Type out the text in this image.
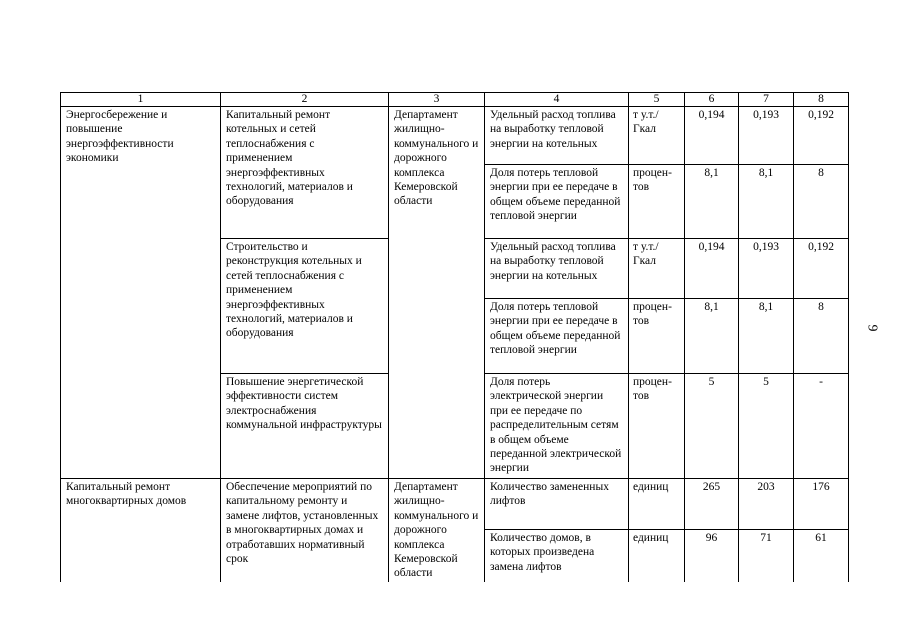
1	2	3	4	5	6	7	8
Энергосбережение и повышение энергоэффективности экономики	Капитальный ремонт котельных и сетей теплоснабжения с применением энергоэффективных технологий, материалов и оборудования	Департамент жилищно-коммунального и дорожного комплекса Кемеровской области	Удельный расход топлива на выработку тепловой энергии на котельных	т у.т./ Гкал	0,194	0,193	0,192
			Доля потерь тепловой энергии при ее передаче в общем объеме переданной тепловой энергии	процен-тов	8,1	8,1	8
	Строительство и реконструкция котельных и сетей теплоснабжения с применением энергоэффективных технологий, материалов и оборудования		Удельный расход топлива на выработку тепловой энергии на котельных	т у.т./ Гкал	0,194	0,193	0,192
			Доля потерь тепловой энергии при ее передаче в общем объеме переданной тепловой энергии	процен-тов	8,1	8,1	8
	Повышение энергетической эффективности систем электроснабжения коммунальной инфраструктуры		Доля потерь электрической энергии при ее передаче по распределительным сетям в общем объеме переданной электрической энергии	процен-тов	5	5	-
Капитальный ремонт многоквартирных домов	Обеспечение мероприятий по капитальному ремонту и замене лифтов, установленных в многоквартирных домах и отработавших нормативный срок	Департамент жилищно-коммунального и дорожного комплекса Кемеровской области	Количество замененных лифтов	единиц	265	203	176
			Количество домов, в которых произведена замена лифтов	единиц	96	71	61
9
